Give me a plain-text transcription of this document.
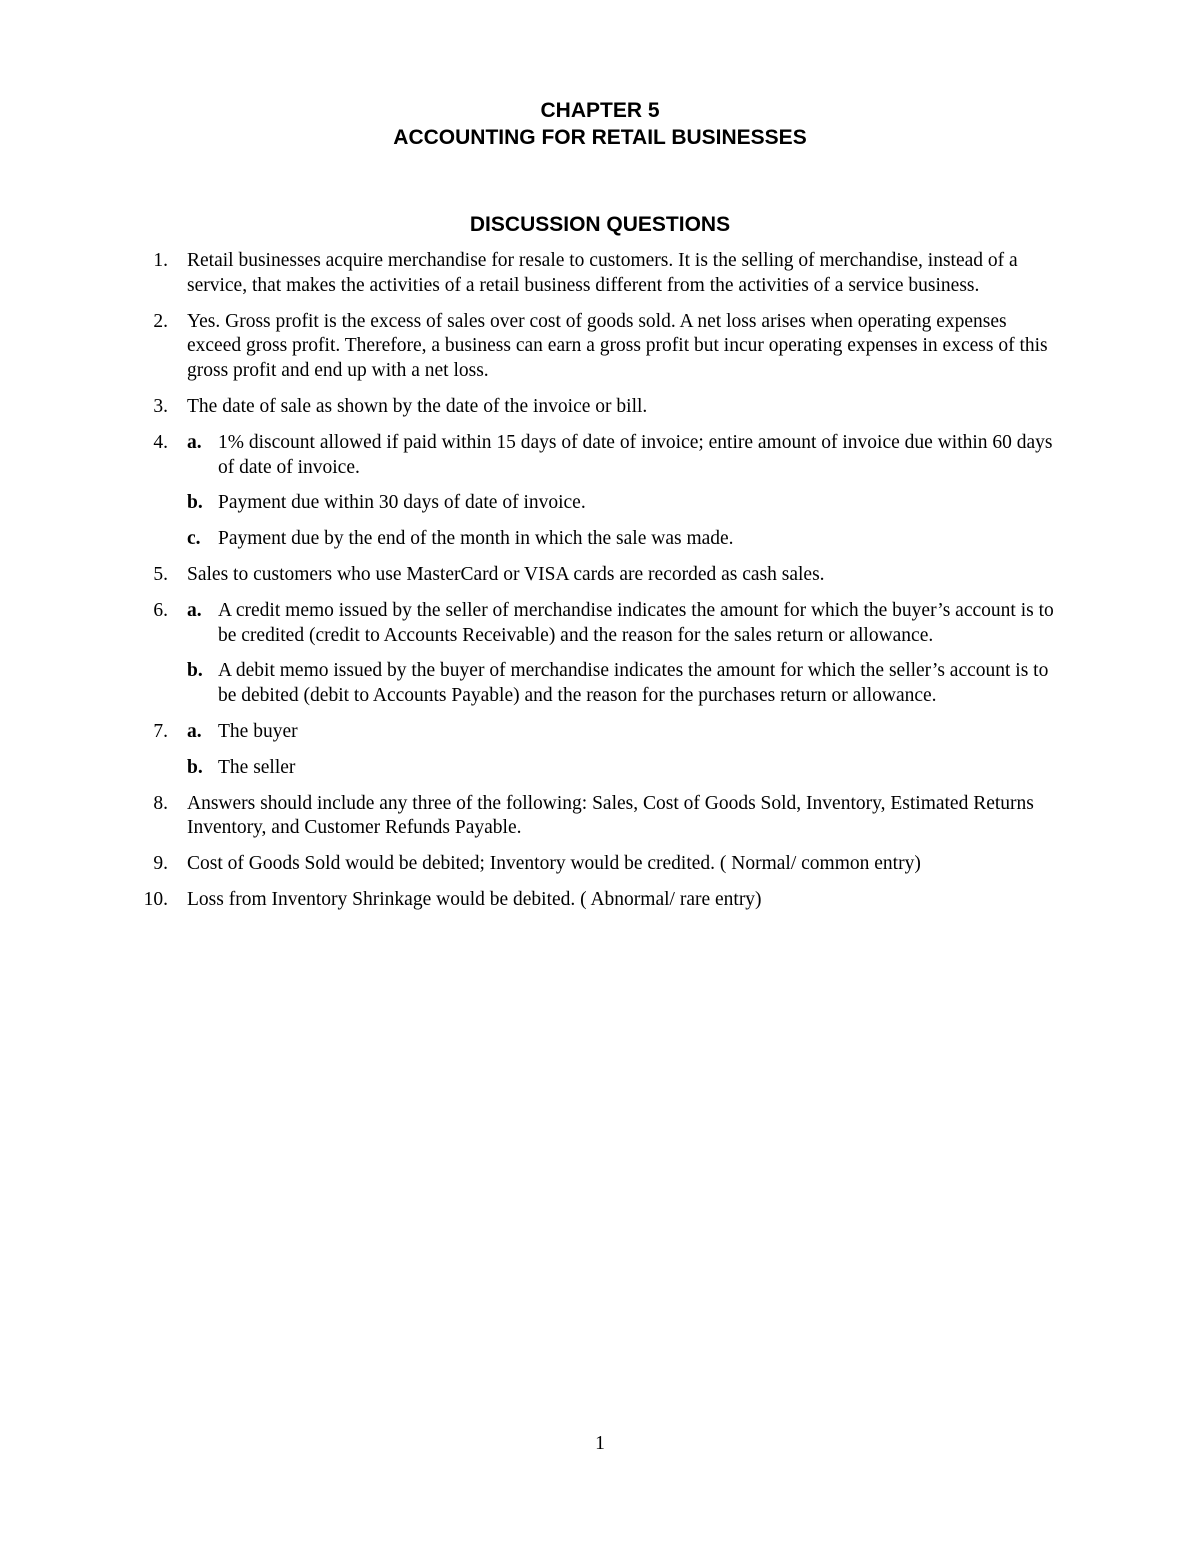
CHAPTER 5
ACCOUNTING FOR RETAIL BUSINESSES
DISCUSSION QUESTIONS
1. Retail businesses acquire merchandise for resale to customers. It is the selling of merchandise, instead of a service, that makes the activities of a retail business different from the activities of a service business.
2. Yes. Gross profit is the excess of sales over cost of goods sold. A net loss arises when operating expenses exceed gross profit. Therefore, a business can earn a gross profit but incur operating expenses in excess of this gross profit and end up with a net loss.
3. The date of sale as shown by the date of the invoice or bill.
4. a. 1% discount allowed if paid within 15 days of date of invoice; entire amount of invoice due within 60 days of date of invoice.
b. Payment due within 30 days of date of invoice.
c. Payment due by the end of the month in which the sale was made.
5. Sales to customers who use MasterCard or VISA cards are recorded as cash sales.
6. a. A credit memo issued by the seller of merchandise indicates the amount for which the buyer’s account is to be credited (credit to Accounts Receivable) and the reason for the sales return or allowance.
b. A debit memo issued by the buyer of merchandise indicates the amount for which the seller’s account is to be debited (debit to Accounts Payable) and the reason for the purchases return or allowance.
7. a. The buyer
b. The seller
8. Answers should include any three of the following: Sales, Cost of Goods Sold, Inventory, Estimated Returns Inventory, and Customer Refunds Payable.
9. Cost of Goods Sold would be debited; Inventory would be credited. ( Normal/ common entry)
10. Loss from Inventory Shrinkage would be debited. ( Abnormal/ rare entry)
1
